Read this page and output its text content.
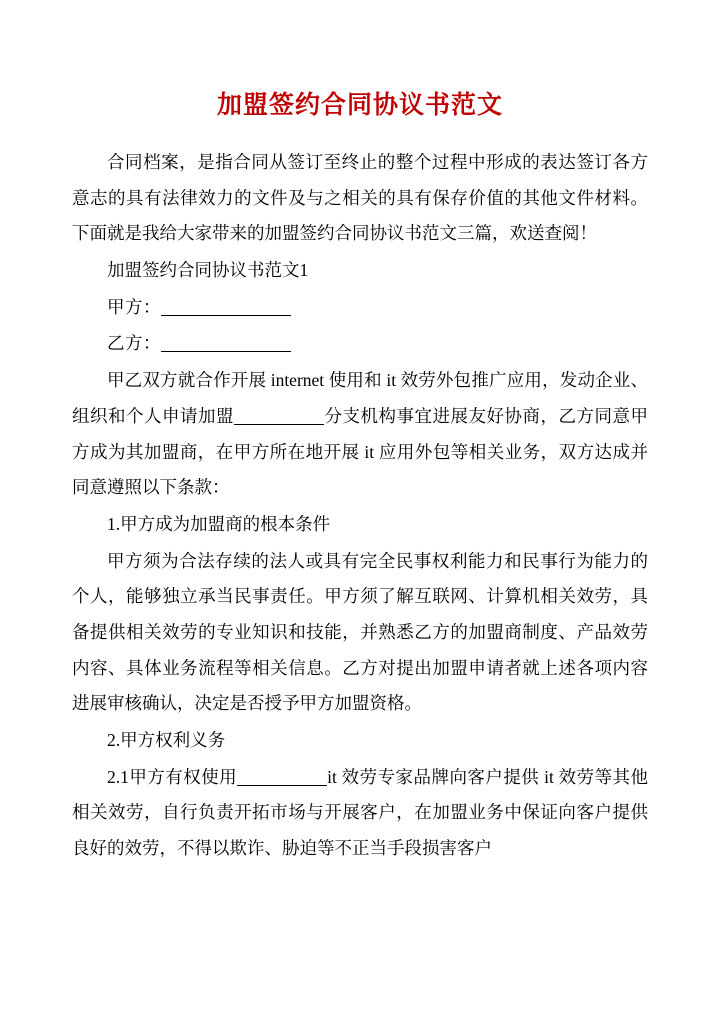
加盟签约合同协议书范文

合同档案，是指合同从签订至终止的整个过程中形成的表达签订各方意志的具有法律效力的文件及与之相关的具有保存价值的其他文件材料。下面就是我给大家带来的加盟签约合同协议书范文三篇，欢送查阅！

加盟签约合同协议书范文1

甲方：

乙方：

甲乙双方就合作开展 internet 使用和 it 效劳外包推广应用，发动企业、组织和个人申请加盟	分支机构事宜进展友好协商，乙方同意甲方成为其加盟商，在甲方所在地开展 it 应用外包等相关业务，双方达成并同意遵照以下条款：

1.甲方成为加盟商的根本条件

甲方须为合法存续的法人或具有完全民事权利能力和民事行为能力的个人，能够独立承当民事责任。甲方须了解互联网、计算机相关效劳，具备提供相关效劳的专业知识和技能，并熟悉乙方的加盟商制度、产品效劳内容、具体业务流程等相关信息。乙方对提出加盟申请者就上述各项内容进展审核确认，决定是否授予甲方加盟资格。

2.甲方权利义务

2.1甲方有权使用	it 效劳专家品牌向客户提供 it 效劳等其他相关效劳，自行负责开拓市场与开展客户，在加盟业务中保证向客户提供良好的效劳，不得以欺诈、胁迫等不正当手段损害客户
